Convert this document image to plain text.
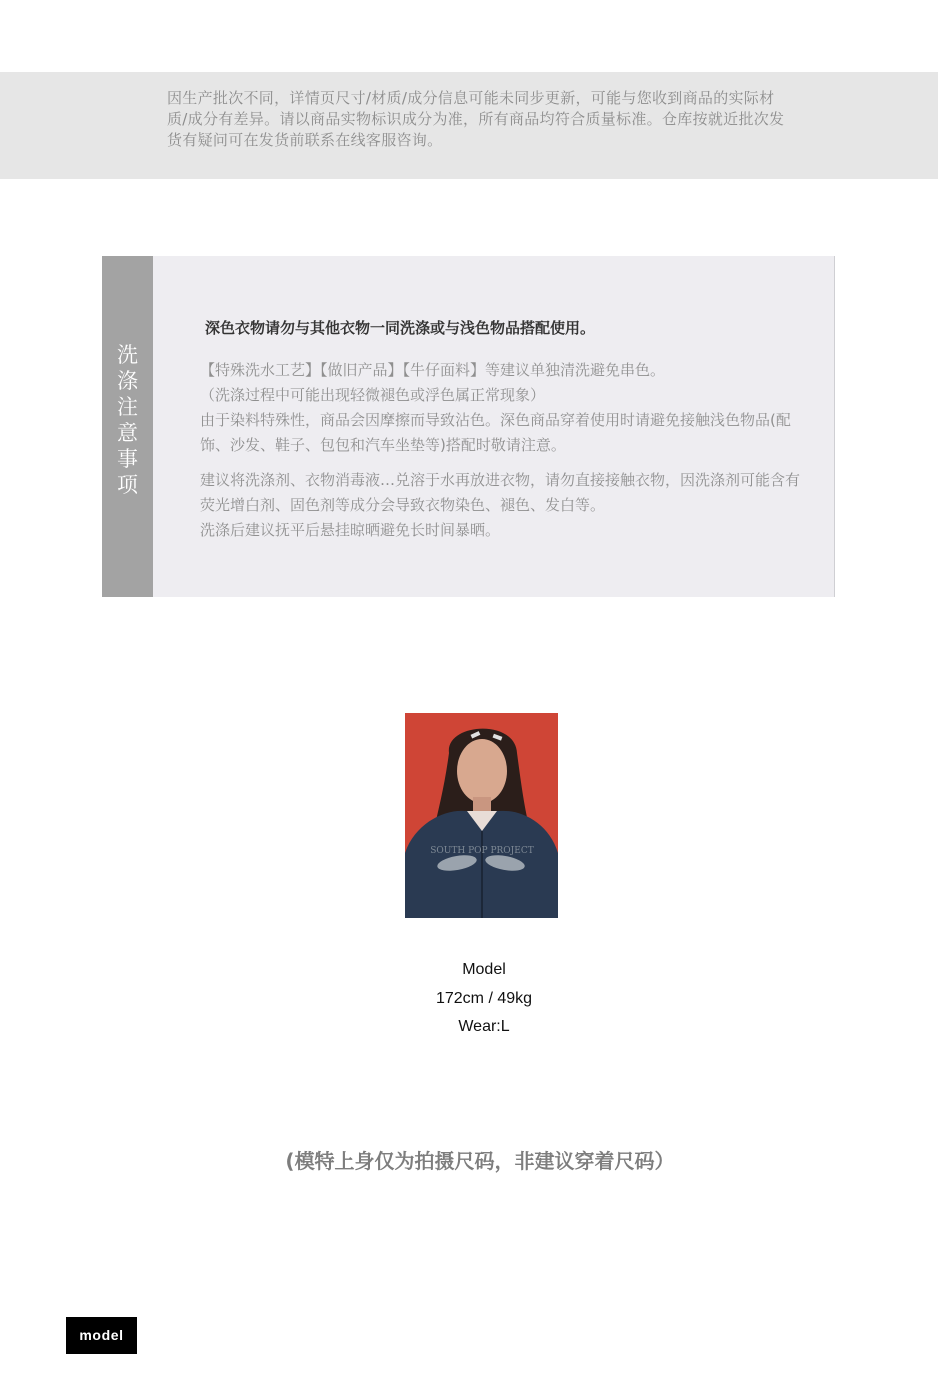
因生产批次不同，详情页尺寸/材质/成分信息可能未同步更新，可能与您收到商品的实际材质/成分有差异。请以商品实物标识成分为准，所有商品均符合质量标准。仓库按就近批次发货有疑问可在发货前联系在线客服咨询。
洗
涤
注
意
事
项
深色衣物请勿与其他衣物一同洗涤或与浅色物品搭配使用。

【特殊洗水工艺】【做旧产品】【牛仔面料】等建议单独清洗避免串色。

（洗涤过程中可能出现轻微褪色或浮色属正常现象）

由于染料特殊性，商品会因摩擦而导致沾色。深色商品穿着使用时请避免接触浅色物品(配饰、沙发、鞋子、包包和汽车坐垫等)搭配时敬请注意。

建议将洗涤剂、衣物消毒液…兑溶于水再放进衣物，请勿直接接触衣物，因洗涤剂可能含有荧光增白剂、固色剂等成分会导致衣物染色、褪色、发白等。

洗涤后建议抚平后悬挂晾晒避免长时间暴晒。

SOUTH POP PROJECT
Model
172cm / 49kg
Wear:L
(模特上身仅为拍摄尺码，非建议穿着尺码）
model
